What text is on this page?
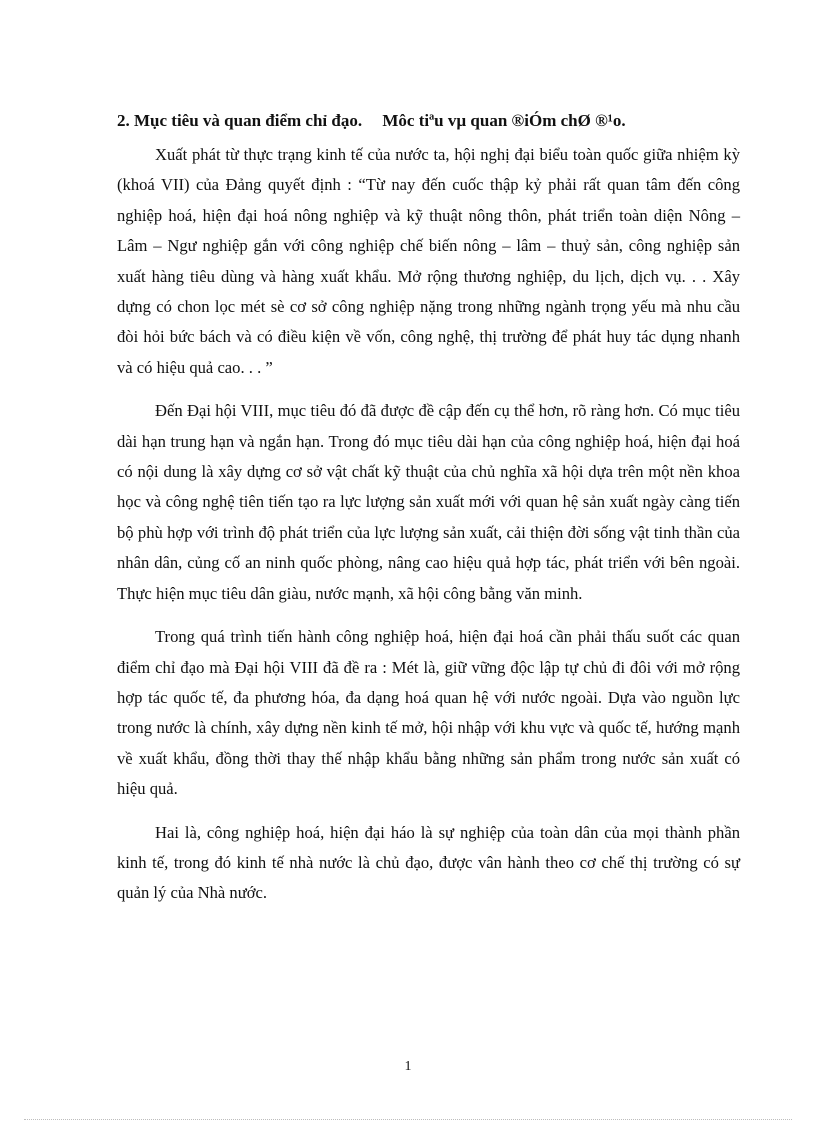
2. Mục tiêu và quan điểm chỉ đạo. Môc tiªu vµ quan ®iÓm chØ ®¹o.

Xuất phát từ thực trạng kinh tế của nước ta, hội nghị đại biểu toàn quốc giữa nhiệm kỳ (khoá VII) của Đảng quyết định : “Từ nay đến cuốc thập kỷ phải rất quan tâm đến công nghiệp hoá, hiện đại hoá nông nghiệp và kỹ thuật nông thôn, phát triển toàn diện Nông – Lâm – Ngư nghiệp gắn với công nghiệp chế biến nông – lâm – thuỷ sản, công nghiệp sản xuất hàng tiêu dùng và hàng xuất khẩu. Mở rộng thương nghiệp, du lịch, dịch vụ. . . Xây dựng có chon lọc mét sè cơ sở công nghiệp nặng trong những ngành trọng yếu mà nhu cầu đòi hỏi bức bách và có điều kiện về vốn, công nghệ, thị trường để phát huy tác dụng nhanh và có hiệu quả cao. . . ”

Đến Đại hội VIII, mục tiêu đó đã được đề cập đến cụ thể hơn, rõ ràng hơn. Có mục tiêu dài hạn trung hạn và ngắn hạn. Trong đó mục tiêu dài hạn của công nghiệp hoá, hiện đại hoá có nội dung là xây dựng cơ sở vật chất kỹ thuật của chủ nghĩa xã hội dựa trên một nền khoa học và công nghệ tiên tiến tạo ra lực lượng sản xuất mới với quan hệ sản xuất ngày càng tiến bộ phù hợp với trình độ phát triển của lực lượng sản xuất, cải thiện đời sống vật tinh thần của nhân dân, củng cố an ninh quốc phòng, nâng cao hiệu quả hợp tác, phát triển với bên ngoài. Thực hiện mục tiêu dân giàu, nước mạnh, xã hội công bằng văn minh.

Trong quá trình tiến hành công nghiệp hoá, hiện đại hoá cần phải thấu suốt các quan điểm chỉ đạo mà Đại hội VIII đã đề ra : Mét là, giữ vững độc lập tự chủ đi đôi với mở rộng hợp tác quốc tế, đa phương hóa, đa dạng hoá quan hệ với nước ngoài. Dựa vào nguồn lực trong nước là chính, xây dựng nền kinh tế mở, hội nhập với khu vực và quốc tế, hướng mạnh về xuất khẩu, đồng thời thay thế nhập khẩu bằng những sản phẩm trong nước sản xuất có hiệu quả.

Hai là, công nghiệp hoá, hiện đại háo là sự nghiệp của toàn dân của mọi thành phần kinh tế, trong đó kinh tế nhà nước là chủ đạo, được vân hành theo cơ chế thị trường có sự quản lý của Nhà nước.

1
